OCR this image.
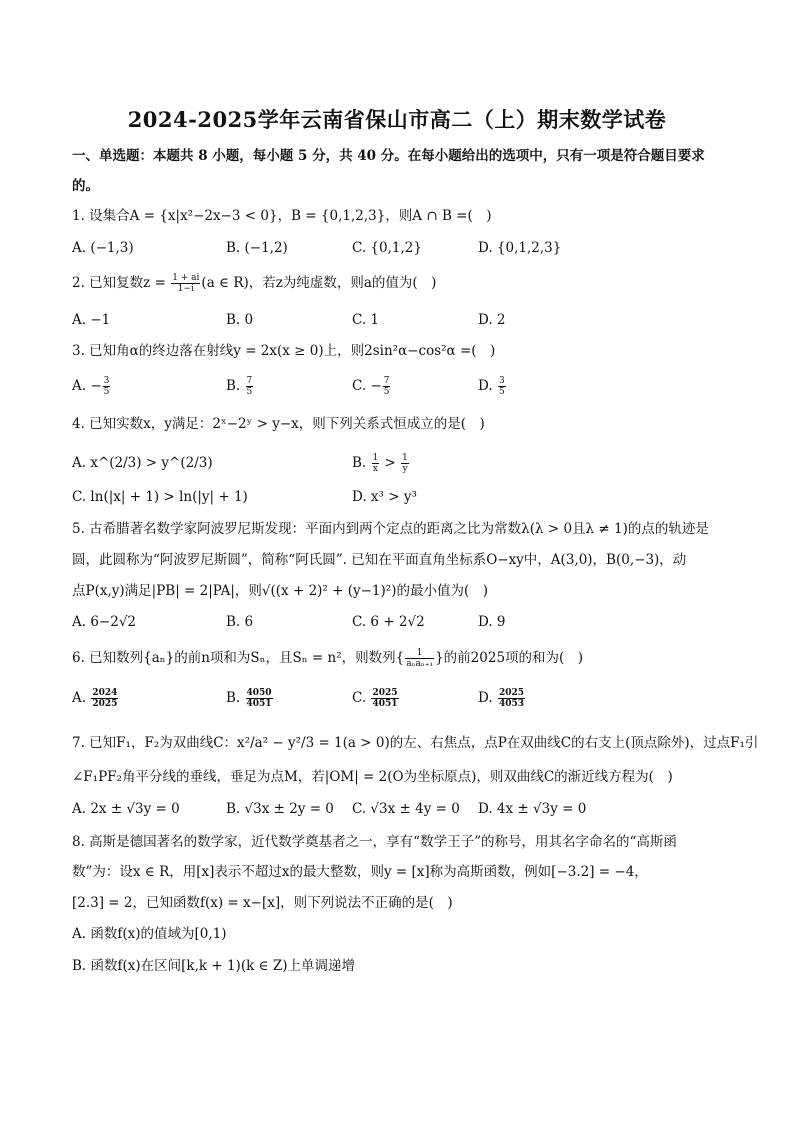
2024-2025学年云南省保山市高二（上）期末数学试卷
一、单选题：本题共 8 小题，每小题 5 分，共 40 分。在每小题给出的选项中，只有一项是符合题目要求
的。
1. 设集合A = {x|x²−2x−3 < 0}，B = {0,1,2,3}，则A ∩ B =(　)
A. (−1,3)	B. (−1,2)	C. {0,1,2}	D. {0,1,2,3}
2. 已知复数$z = \frac{1 + ai}{1-i} (a$ ∈ R)，若z为纯虚数，则a的值为(　)
A. −1	B. 0	C. 1	D. 2
3. 已知角α的终边落在射线y = 2x(x ≥ 0)上，则2sin²α−cos²α =(　)
A. − $\frac{3}{5}$	B. $\frac{7}{5}$	C. − $\frac{7}{5}$	D. $\frac{3}{5}$
4. 已知实数x，y满足：2ˣ−2ʸ > y−x，则下列关系式恒成立的是(　)
A. x^(2/3) > y^(2/3)	B. $\frac{1}{x} > \frac{1}{y}$
C. ln(|x| + 1) > ln(|y| + 1)	D. x³ > y³
5. 古希腊著名数学家阿波罗尼斯发现：平面内到两个定点的距离之比为常数λ(λ > 0且λ ≠ 1)的点的轨迹是
圆，此圆称为“阿波罗尼斯圆”，简称“阿氏圆”. 已知在平面直角坐标系O−xy中，A(3,0)，B(0,−3)，动
点P(x,y)满足|PB| = 2|PA|，则√((x + 2)² + (y−1)²)的最小值为(　)
A. 6−2√2	B. 6	C. 6 + 2√2	D. 9
6. 已知数列{aₙ}的前n项和为Sₙ，且Sₙ = n²，则数列{ $\frac{1}{\text{aₙaₙ₊₁}}$ }的前2025项的和为(　)
A. $\frac{2024}{2025}$	B. $\frac{4050}{4051}$	C. $\frac{2025}{4051}$	D. $\frac{2025}{4053}$
7. 已知F₁，F₂为双曲线C：x²/a² − y²/3 = 1(a > 0)的左、右焦点，点P在双曲线C的右支上(顶点除外)，过点F₁引
∠F₁PF₂角平分线的垂线，垂足为点M，若|OM| = 2(O为坐标原点)，则双曲线C的渐近线方程为(　)
A. 2x ± √3y = 0	B. √3x ± 2y = 0 C. √3x ± 4y = 0 D. 4x ± √3y = 0
8. 高斯是德国著名的数学家，近代数学奠基者之一，享有“数学王子”的称号，用其名字命名的“高斯函
数”为：设x ∈ R，用[x]表示不超过x的最大整数，则y = [x]称为高斯函数，例如[−3.2] = −4，
[2.3] = 2，已知函数f(x) = x−[x]，则下列说法不正确的是(　)
A. 函数f(x)的值域为[0,1)
B. 函数f(x)在区间[k,k + 1)(k ∈ Z)上单调递增
